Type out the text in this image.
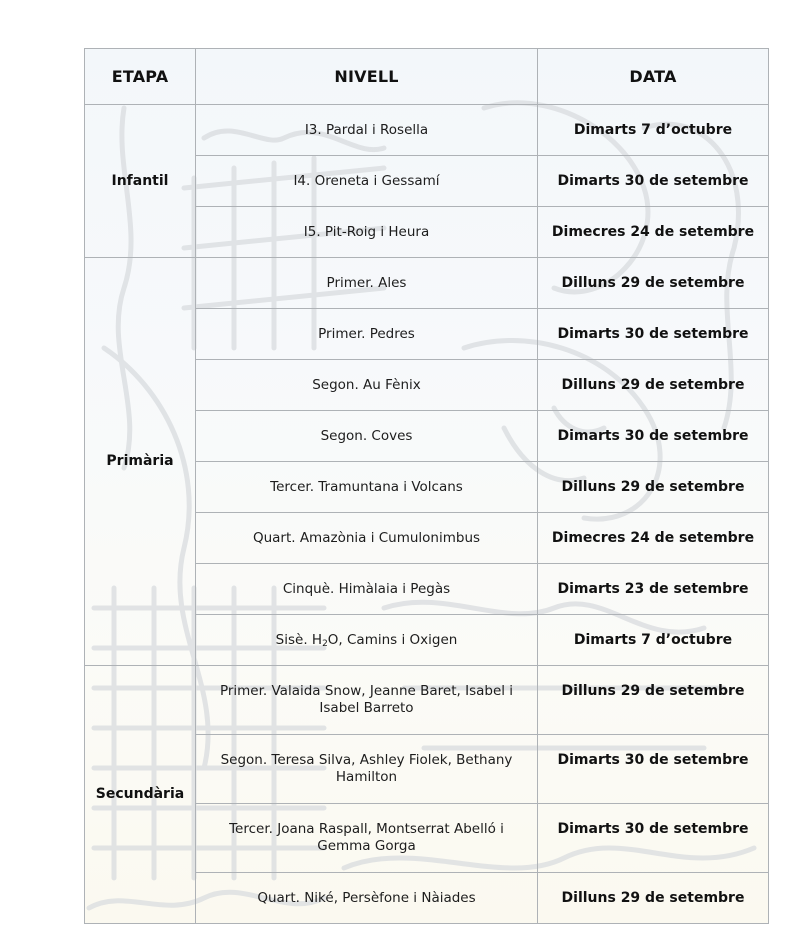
ETAPA	NIVELL	DATA
Infantil	I3. Pardal i Rosella	Dimarts 7 d’octubre
	I4. Oreneta i Gessamí	Dimarts 30 de setembre
	I5. Pit-Roig i Heura	Dimecres 24 de setembre
Primària	Primer. Ales	Dilluns 29 de setembre
	Primer. Pedres	Dimarts 30 de setembre
	Segon. Au Fènix	Dilluns 29 de setembre
	Segon. Coves	Dimarts 30 de setembre
	Tercer. Tramuntana i Volcans	Dilluns 29 de setembre
	Quart. Amazònia i Cumulonimbus	Dimecres 24 de setembre
	Cinquè. Himàlaia i Pegàs	Dimarts 23 de setembre
	Sisè. $H_2O$, Camins i Oxigen	Dimarts 7 d’octubre
Secundària	Primer. Valaida Snow, Jeanne Baret, Isabel i Isabel Barreto	Dilluns 29 de setembre
	Segon. Teresa Silva, Ashley Fiolek, Bethany Hamilton	Dimarts 30 de setembre
	Tercer. Joana Raspall, Montserrat Abelló i Gemma Gorga	Dimarts 30 de setembre
	Quart. Niké, Persèfone i Nàiades	Dilluns 29 de setembre
